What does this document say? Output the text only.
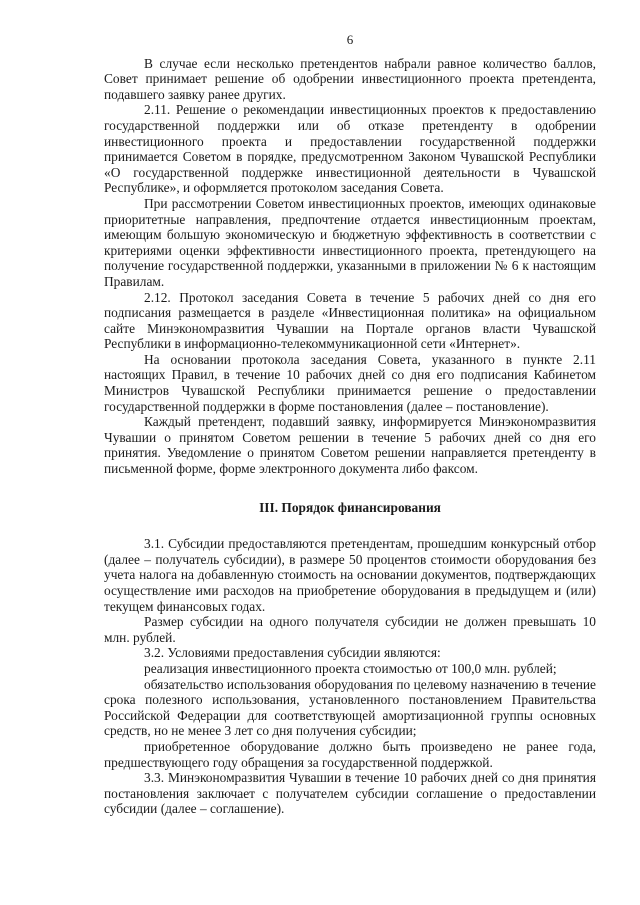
6

В случае если несколько претендентов набрали равное количество баллов, Совет принимает решение об одобрении инвестиционного проекта претендента, подавшего заявку ранее других.

2.11. Решение о рекомендации инвестиционных проектов к предоставлению государственной поддержки или об отказе претенденту в одобрении инвестиционного проекта и предоставлении государственной поддержки принимается Советом в порядке, предусмотренном Законом Чувашской Республики «О государственной поддержке инвестиционной деятельности в Чувашской Республике», и оформляется протоколом заседания Совета.

При рассмотрении Советом инвестиционных проектов, имеющих одинаковые приоритетные направления, предпочтение отдается инвестиционным проектам, имеющим большую экономическую и бюджетную эффективность в соответствии с критериями оценки эффективности инвестиционного проекта, претендующего на получение государственной поддержки, указанными в приложении № 6 к настоящим Правилам.

2.12. Протокол заседания Совета в течение 5 рабочих дней со дня его подписания размещается в разделе «Инвестиционная политика» на официальном сайте Минэкономразвития Чувашии на Портале органов власти Чувашской Республики в информационно-телекоммуникационной сети «Интернет».

На основании протокола заседания Совета, указанного в пункте 2.11 настоящих Правил, в течение 10 рабочих дней со дня его подписания Кабинетом Министров Чувашской Республики принимается решение о предоставлении государственной поддержки в форме постановления (далее – постановление).

Каждый претендент, подавший заявку, информируется Минэкономразвития Чувашии о принятом Советом решении в течение 5 рабочих дней со дня его принятия. Уведомление о принятом Советом решении направляется претенденту в письменной форме, форме электронного документа либо факсом.

III. Порядок финансирования

3.1. Субсидии предоставляются претендентам, прошедшим конкурсный отбор (далее – получатель субсидии), в размере 50 процентов стоимости оборудования без учета налога на добавленную стоимость на основании документов, подтверждающих осуществление ими расходов на приобретение оборудования в предыдущем и (или) текущем финансовых годах.

Размер субсидии на одного получателя субсидии не должен превышать 10 млн. рублей.

3.2. Условиями предоставления субсидии являются:

реализация инвестиционного проекта стоимостью от 100,0 млн. рублей;

обязательство использования оборудования по целевому назначению в течение срока полезного использования, установленного постановлением Правительства Российской Федерации для соответствующей амортизационной группы основных средств, но не менее 3 лет со дня получения субсидии;

приобретенное оборудование должно быть произведено не ранее года, предшествующего году обращения за государственной поддержкой.

3.3. Минэкономразвития Чувашии в течение 10 рабочих дней со дня принятия постановления заключает с получателем субсидии соглашение о предоставлении субсидии (далее – соглашение).
